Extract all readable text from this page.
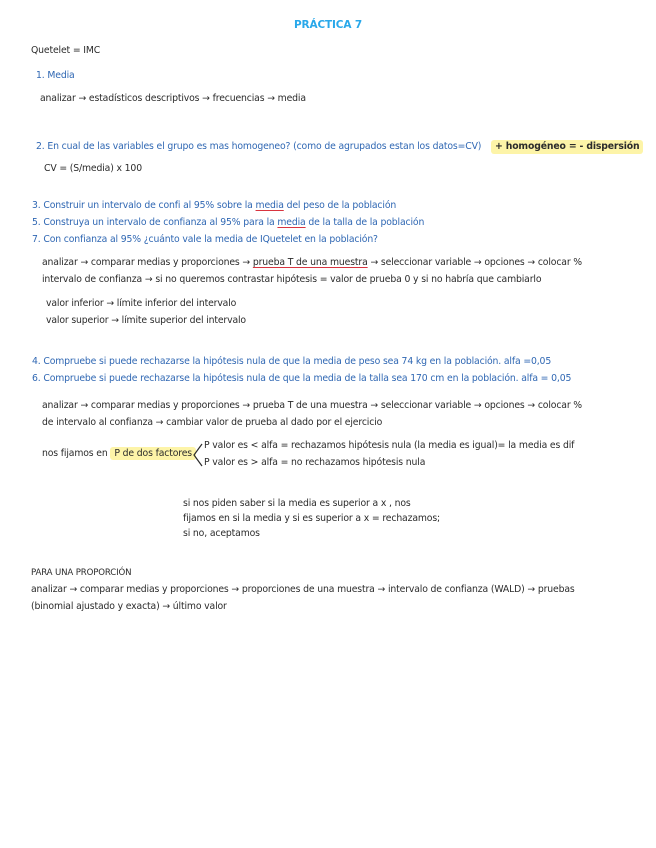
PRÁCTICA 7
Quetelet = IMC
1. Media
analizar → estadísticos descriptivos → frecuencias → media
2. En cual de las variables el grupo es mas homogeneo? (como de agrupados estan los datos=CV)	+ homogéneo = - dispersión
CV = (S/media) x 100
3. Construir un intervalo de confi al 95% sobre la media del peso de la población
5. Construya un intervalo de confianza al 95% para la media de la talla de la población
7. Con confianza al 95% ¿cuánto vale la media de IQuetelet en la población?
analizar → comparar medias y proporciones → prueba T de una muestra → seleccionar variable → opciones → colocar %
intervalo de confianza → si no queremos contrastar hipótesis = valor de prueba 0 y si no habría que cambiarlo
valor inferior → límite inferior del intervalo
valor superior → límite superior del intervalo
4. Compruebe si puede rechazarse la hipótesis nula de que la media de peso sea 74 kg en la población. alfa =0,05
6. Compruebe si puede rechazarse la hipótesis nula de que la media de la talla sea 170 cm en la población. alfa = 0,05
analizar → comparar medias y proporciones → prueba T de una muestra → seleccionar variable → opciones → colocar %
de intervalo al confianza → cambiar valor de prueba al dado por el ejercicio
nos fijamos en P de dos factores
P valor es < alfa = rechazamos hipótesis nula (la media es igual)= la media es dif
P valor es > alfa = no rechazamos hipótesis nula
si nos piden saber si la media es superior a x , nos
fijamos en si la media y si es superior a x = rechazamos;
si no, aceptamos
PARA UNA PROPORCIÓN
analizar → comparar medias y proporciones → proporciones de una muestra → intervalo de confianza (WALD) → pruebas
(binomial ajustado y exacta) → último valor
